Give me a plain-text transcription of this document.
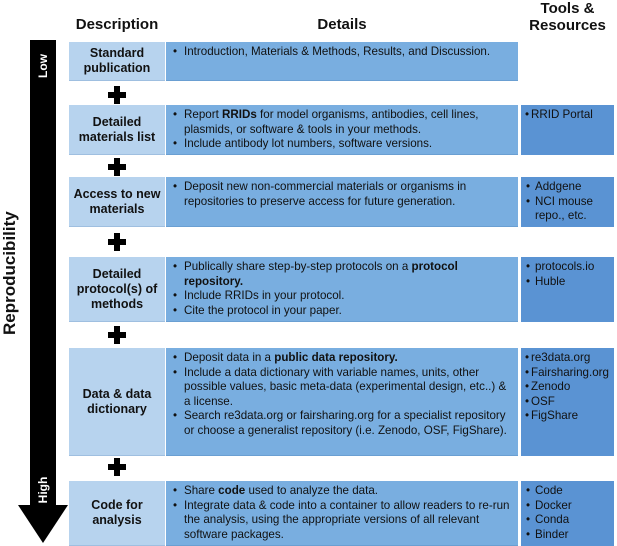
Description	Details
Tools &
Resources
Reproducibility
Low
High
Standard publication
• Introduction, Materials & Methods, Results, and Discussion.
Detailed materials list
• Report RRIDs for model organisms, antibodies, cell lines, plasmids, or software & tools in your methods.
• Include antibody lot numbers, software versions.
• RRID Portal
Access to new materials
• Deposit new non-commercial materials or organisms in repositories to preserve access for future generation.
• Addgene
• NCI mouse repo., etc.
Detailed protocol(s) of methods
• Publically share step-by-step protocols on a protocol repository.
• Include RRIDs in your protocol.
• Cite the protocol in your paper.
• protocols.io
• Huble
Data & data dictionary
• Deposit data in a public data repository.
• Include a data dictionary with variable names, units, other possible values, basic meta-data (experimental design, etc..) & a license.
• Search re3data.org or fairsharing.org for a specialist repository or choose a generalist repository (i.e. Zenodo, OSF, FigShare).
• re3data.org
• Fairsharing.org
• Zenodo
• OSF
• FigShare
Code for analysis
• Share code used to analyze the data.
• Integrate data & code into a container to allow readers to re-run the analysis, using the appropriate versions of all relevant software packages.
• Code
• Docker
• Conda
• Binder
